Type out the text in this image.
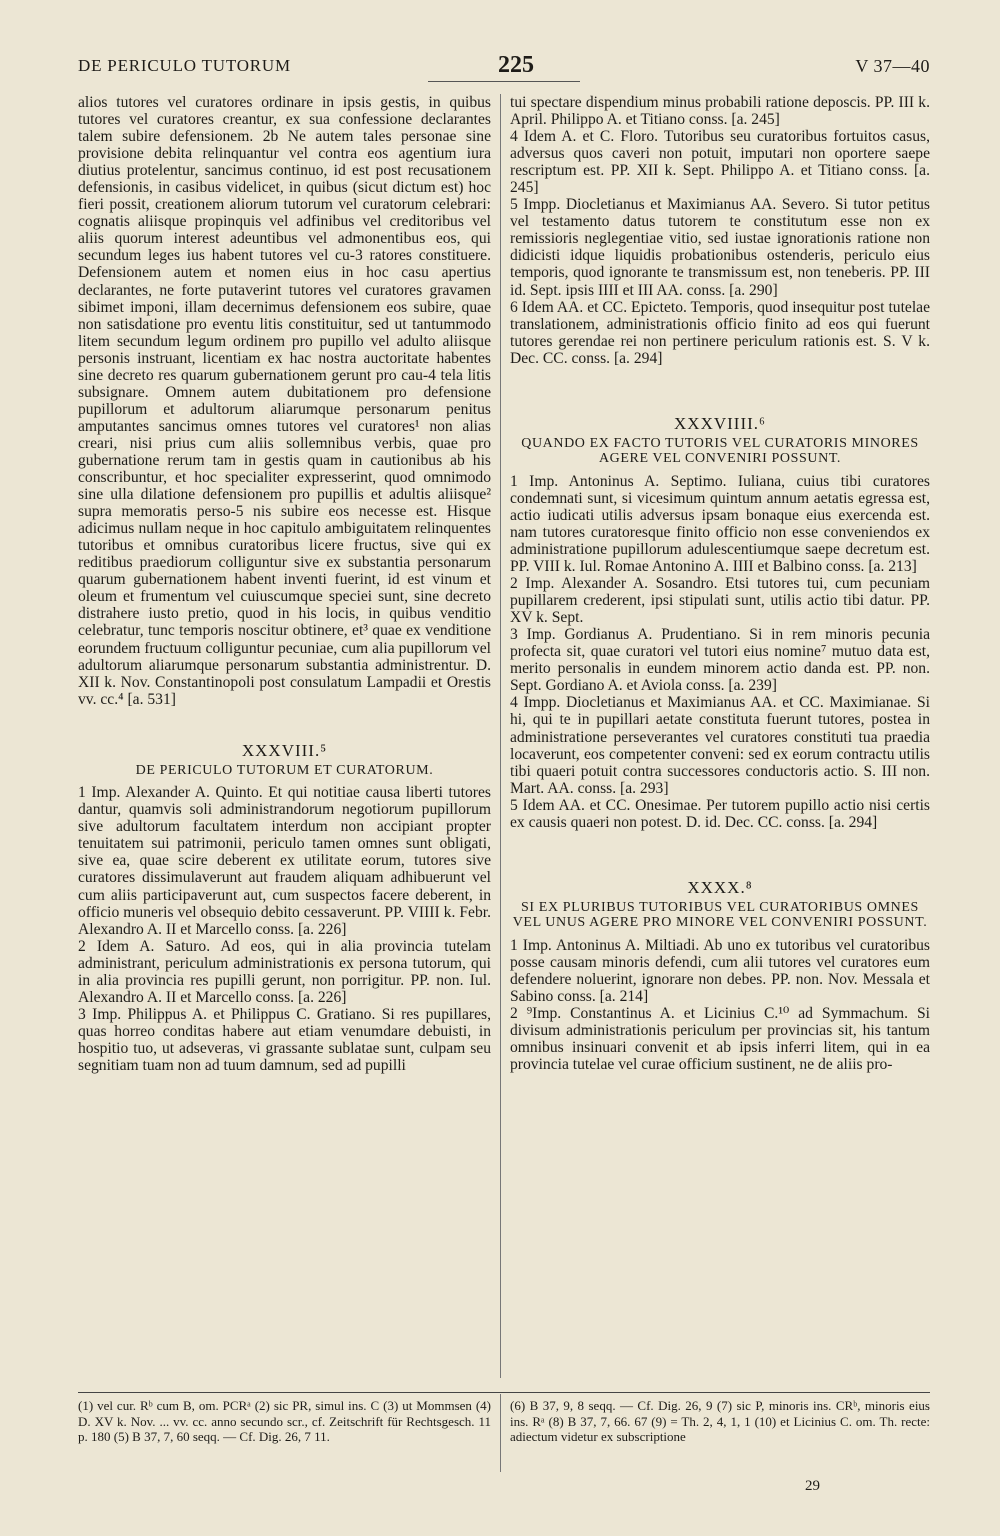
DE PERICULO TUTORUM	225	V 37—40

alios tutores vel curatores ordinare in ipsis gestis, in quibus tutores vel curatores creantur, ex sua confessione declarantes talem subire defensionem. 2b Ne autem tales personae sine provisione debita relinquantur vel contra eos agentium iura diutius protelentur, sancimus continuo, id est post recusationem defensionis, in casibus videlicet, in quibus (sicut dictum est) hoc fieri possit, creationem aliorum tutorum vel curatorum celebrari: cognatis aliisque propinquis vel adfinibus vel creditoribus vel aliis quorum interest adeuntibus vel admonentibus eos, qui secundum leges ius habent tutores vel cu-3 ratores constituere. Defensionem autem et nomen eius in hoc casu apertius declarantes, ne forte putaverint tutores vel curatores gravamen sibimet imponi, illam decernimus defensionem eos subire, quae non satisdatione pro eventu litis constituitur, sed ut tantummodo litem secundum legum ordinem pro pupillo vel adulto aliisque personis instruant, licentiam ex hac nostra auctoritate habentes sine decreto res quarum gubernationem gerunt pro cau-4 tela litis subsignare. Omnem autem dubitationem pro defensione pupillorum et adultorum aliarumque personarum penitus amputantes sancimus omnes tutores vel curatores¹ non alias creari, nisi prius cum aliis sollemnibus verbis, quae pro gubernatione rerum tam in gestis quam in cautionibus ab his conscribuntur, et hoc specialiter expresserint, quod omnimodo sine ulla dilatione defensionem pro pupillis et adultis aliisque² supra memoratis perso-5 nis subire eos necesse est. Hisque adicimus nullam neque in hoc capitulo ambiguitatem relinquentes tutoribus et omnibus curatoribus licere fructus, sive qui ex reditibus praediorum colliguntur sive ex substantia personarum quarum gubernationem habent inventi fuerint, id est vinum et oleum et frumentum vel cuiuscumque speciei sunt, sine decreto distrahere iusto pretio, quod in his locis, in quibus venditio celebratur, tunc temporis noscitur obtinere, et³ quae ex venditione eorundem fructuum colliguntur pecuniae, cum alia pupillorum vel adultorum aliarumque personarum substantia administrentur. D. XII k. Nov. Constantinopoli post consulatum Lampadii et Orestis vv. cc.⁴ [a. 531]

XXXVIII.⁵
DE PERICULO TUTORUM ET CURATORUM.

1 Imp. Alexander A. Quinto. Et qui notitiae causa liberti tutores dantur, quamvis soli administrandorum negotiorum pupillorum sive adultorum facultatem interdum non accipiant propter tenuitatem sui patrimonii, periculo tamen omnes sunt obligati, sive ea, quae scire deberent ex utilitate eorum, tutores sive curatores dissimulaverunt aut fraudem aliquam adhibuerunt vel cum aliis participaverunt aut, cum suspectos facere deberent, in officio muneris vel obsequio debito cessaverunt. PP. VIIII k. Febr. Alexandro A. II et Marcello conss. [a. 226]

2 Idem A. Saturo. Ad eos, qui in alia provincia tutelam administrant, periculum administrationis ex persona tutorum, qui in alia provincia res pupilli gerunt, non porrigitur. PP. non. Iul. Alexandro A. II et Marcello conss. [a. 226]

3 Imp. Philippus A. et Philippus C. Gratiano. Si res pupillares, quas horreo conditas habere aut etiam venumdare debuisti, in hospitio tuo, ut adseveras, vi grassante sublatae sunt, culpam seu segnitiam tuam non ad tuum damnum, sed ad pupilli

tui spectare dispendium minus probabili ratione deposcis. PP. III k. April. Philippo A. et Titiano conss. [a. 245]

4 Idem A. et C. Floro. Tutoribus seu curatoribus fortuitos casus, adversus quos caveri non potuit, imputari non oportere saepe rescriptum est. PP. XII k. Sept. Philippo A. et Titiano conss. [a. 245]

5 Impp. Diocletianus et Maximianus AA. Severo. Si tutor petitus vel testamento datus tutorem te constitutum esse non ex remissioris neglegentiae vitio, sed iustae ignorationis ratione non didicisti idque liquidis probationibus ostenderis, periculo eius temporis, quod ignorante te transmissum est, non teneberis. PP. III id. Sept. ipsis IIII et III AA. conss. [a. 290]

6 Idem AA. et CC. Epicteto. Temporis, quod insequitur post tutelae translationem, administrationis officio finito ad eos qui fuerunt tutores gerendae rei non pertinere periculum rationis est. S. V k. Dec. CC. conss. [a. 294]

XXXVIIII.⁶
QUANDO EX FACTO TUTORIS VEL CURATORIS MINORES AGERE VEL CONVENIRI POSSUNT.

1 Imp. Antoninus A. Septimo. Iuliana, cuius tibi curatores condemnati sunt, si vicesimum quintum annum aetatis egressa est, actio iudicati utilis adversus ipsam bonaque eius exercenda est. nam tutores curatoresque finito officio non esse conveniendos ex administratione pupillorum adulescentiumque saepe decretum est. PP. VIII k. Iul. Romae Antonino A. IIII et Balbino conss. [a. 213]

2 Imp. Alexander A. Sosandro. Etsi tutores tui, cum pecuniam pupillarem crederent, ipsi stipulati sunt, utilis actio tibi datur. PP. XV k. Sept.

3 Imp. Gordianus A. Prudentiano. Si in rem minoris pecunia profecta sit, quae curatori vel tutori eius nomine⁷ mutuo data est, merito personalis in eundem minorem actio danda est. PP. non. Sept. Gordiano A. et Aviola conss. [a. 239]

4 Impp. Diocletianus et Maximianus AA. et CC. Maximianae. Si hi, qui te in pupillari aetate constituta fuerunt tutores, postea in administratione perseverantes vel curatores constituti tua praedia locaverunt, eos competenter conveni: sed ex eorum contractu utilis tibi quaeri potuit contra successores conductoris actio. S. III non. Mart. AA. conss. [a. 293]

5 Idem AA. et CC. Onesimae. Per tutorem pupillo actio nisi certis ex causis quaeri non potest. D. id. Dec. CC. conss. [a. 294]

XXXX.⁸
SI EX PLURIBUS TUTORIBUS VEL CURATORIBUS OMNES VEL UNUS AGERE PRO MINORE VEL CONVENIRI POSSUNT.

1 Imp. Antoninus A. Miltiadi. Ab uno ex tutoribus vel curatoribus posse causam minoris defendi, cum alii tutores vel curatores eum defendere noluerint, ignorare non debes. PP. non. Nov. Messala et Sabino conss. [a. 214]

2 ⁹Imp. Constantinus A. et Licinius C.¹⁰ ad Symmachum. Si divisum administrationis periculum per provincias sit, his tantum omnibus insinuari convenit et ab ipsis inferri litem, qui in ea provincia tutelae vel curae officium sustinent, ne de aliis pro-

(1) vel cur. Rᵇ cum B, om. PCRᵃ (2) sic PR, simul ins. C (3) ut Mommsen (4) D. XV k. Nov. ... vv. cc. anno secundo scr., cf. Zeitschrift für Rechtsgesch. 11 p. 180 (5) B 37, 7, 60 seqq. — Cf. Dig. 26, 7 11.
(6) B 37, 9, 8 seqq. — Cf. Dig. 26, 9 (7) sic P, minoris ins. CRᵇ, minoris eius ins. Rᵃ (8) B 37, 7, 66. 67 (9) = Th. 2, 4, 1, 1 (10) et Licinius C. om. Th. recte: adiectum videtur ex subscriptione
29
